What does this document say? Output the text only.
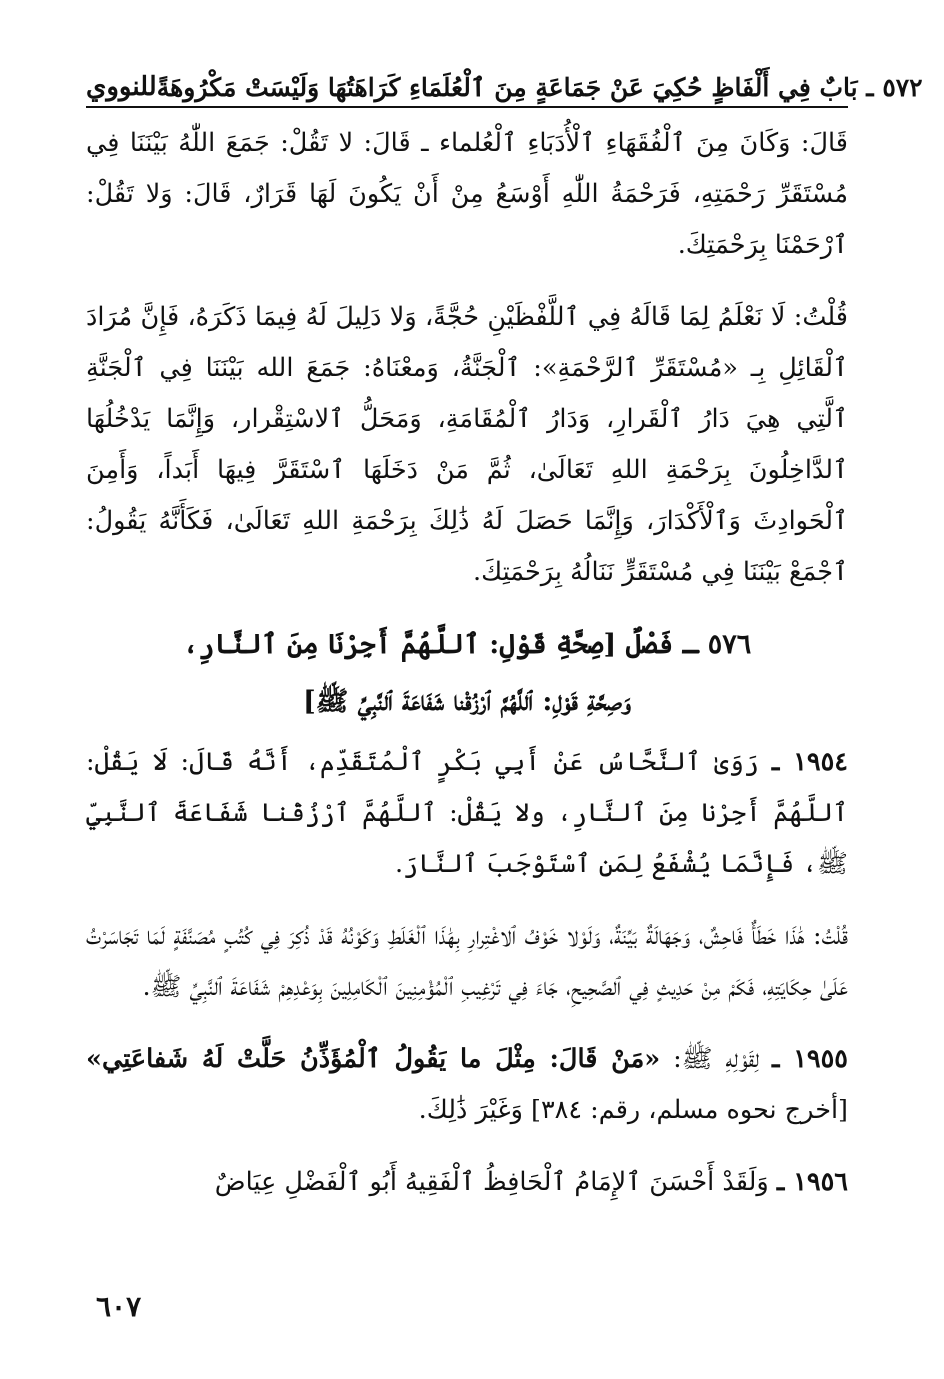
للنووي ٥٧٢ ـ بَابٌ فِي أَلْفَاظٍ حُكِيَ عَنْ جَمَاعَةٍ مِنَ ٱلْعُلَمَاءِ كَرَاهَتُهَا وَلَيْسَتْ مَكْرُوهَةً

قَالَ: وَكَانَ مِنَ ٱلْفُقَهَاءِ ٱلْأُدَبَاءِ ٱلْعُلماء ـ قَالَ: لا تَقُلْ: جَمَعَ اللّٰهُ بَيْنَنَا فِي مُسْتَقَرِّ رَحْمَتِهِ، فَرَحْمَةُ اللّٰهِ أَوْسَعُ مِنْ أَنْ يَكُونَ لَهَا قَرَارٌ، قَالَ: وَلا تَقُلْ: ٱرْحَمْنَا بِرَحْمَتِكَ.

قُلْتُ: لَا نَعْلَمُ لِمَا قَالَهُ فِي ٱللَّفْظَيْنِ حُجَّةً، وَلا دَلِيلَ لَهُ فِيمَا ذَكَرَهُ، فَإِنَّ مُرَادَ ٱلْقَائِلِ بِـ «مُسْتَقَرِّ ٱلرَّحْمَةِ»: ٱلْجَنَّةُ، وَمعْنَاهُ: جَمَعَ الله بَيْنَنَا فِي ٱلْجَنَّةِ ٱلَّتِي هِيَ دَارُ ٱلْقَرارِ، وَدَارُ ٱلْمُقَامَةِ، وَمَحَلُّ ٱلاسْتِقْرار، وَإِنَّمَا يَدْخُلُهَا ٱلدَّاخِلُونَ بِرَحْمَةِ اللهِ تَعَالَىٰ، ثُمَّ مَنْ دَخَلَهَا ٱسْتَقَرَّ فِيهَا أَبَداً، وَأَمِنَ ٱلْحَوادِثَ وَٱلْأَكْدَارَ، وَإِنَّمَا حَصَلَ لَهُ ذَٰلِكَ بِرَحْمَةِ اللهِ تَعَالَىٰ، فَكَأَنَّهُ يَقُولُ: ٱجْمَعْ بَيْنَنَا فِي مُسْتَقَرٍّ نَنَالُهُ بِرَحْمَتِكَ.

٥٧٦ ـ فَصْلٌ [صِحَّةِ قَوْلِ: ٱللَّهُمَّ أَجِرْنَا مِنَ ٱلنَّارِ،

وَصِحَّةِ قَوْلِ: ٱللَّهُمَّ ٱرْزُقْنا شَفَاعَةَ ٱلنَّبِيِّ ﷺ]

١٩٥٤ ـ رَوَىٰ ٱلنَّحَّاسُ عَنْ أَبِي بَكْرٍ ٱلْمُتَقَدِّم، أَنَّهُ قَالَ: لَا يَقُلْ: ٱللَّهُمَّ أَجِرْنا مِنَ ٱلنَّارِ، ولا يَقُلْ: ٱللَّهُمَّ ٱرْزُقْنا شَفَاعَةَ ٱلنَّبِيِّ ﷺ، فَإِنَّمَا يُشْفَعُ لِمَنِ ٱسْتَوْجَبَ ٱلنَّارَ.

قُلْتُ: هَٰذَا خَطَأٌ فَاحِشٌ، وَجَهَالَةٌ بَيِّنَةٌ، وَلَوْلا خَوْفُ ٱلاغْتِرارِ بِهَٰذَا ٱلْغَلَطِ وَكَوْنُهُ قَدْ ذُكِرَ فِي كُتُبٍ مُصَنَّفَةٍ لَمَا تَجَاسَرْتُ عَلَىٰ حِكَايَتِهِ، فَكَمْ مِنْ حَدِيثٍ فِي ٱلصَّحِيحِ، جَاءَ فِي تَرْغِيبِ ٱلْمُؤْمِنِينَ ٱلْكَامِلِينَ بِوَعْدِهِمْ شَفَاعَةَ ٱلنَّبِيِّ ﷺ.

١٩٥٥ ـ لِقَوْلِهِ ﷺ: «مَنْ قَالَ: مِثْلَ ما يَقُولُ ٱلْمُؤَذِّنُ حَلَّتْ لَهُ شَفاعَتِي» [أخرج نحوه مسلم، رقم: ٣٨٤] وَغَيْرَ ذَٰلِكَ.

١٩٥٦ ـ وَلَقَدْ أَحْسَنَ ٱلإِمَامُ ٱلْحَافِظُ ٱلْفَقِيهُ أَبُو ٱلْفَضْلِ عِيَاضٌ

٦٠٧
